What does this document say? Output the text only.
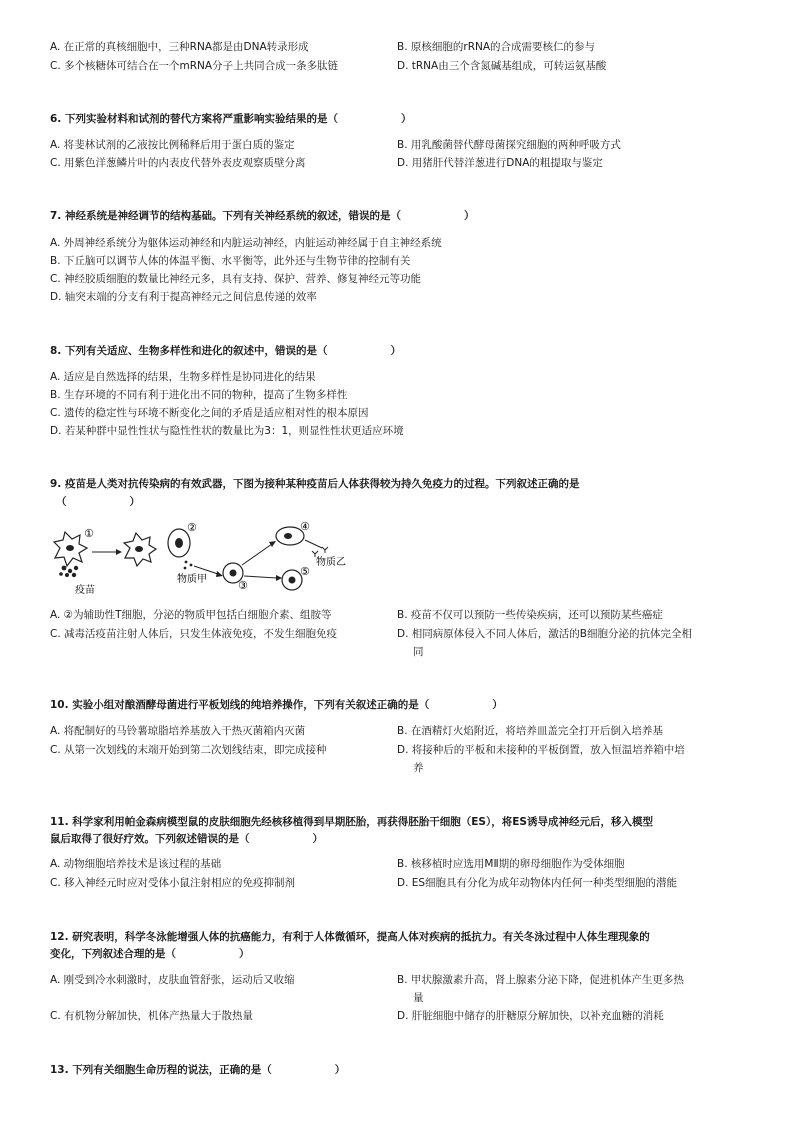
A. 在正常的真核细胞中，三种RNA都是由DNA转录形成	B. 原核细胞的rRNA的合成需要核仁的参与
C. 多个核糖体可结合在一个mRNA分子上共同合成一条多肽链	D. tRNA由三个含氮碱基组成，可转运氨基酸
6. 下列实验材料和试剂的替代方案将严重影响实验结果的是（　　　　　　）
A. 将斐林试剂的乙液按比例稀释后用于蛋白质的鉴定	B. 用乳酸菌替代酵母菌探究细胞的两种呼吸方式
C. 用紫色洋葱鳞片叶的内表皮代替外表皮观察质壁分离	D. 用猪肝代替洋葱进行DNA的粗提取与鉴定
7. 神经系统是神经调节的结构基础。下列有关神经系统的叙述，错误的是（　　　　　　）
A. 外周神经系统分为躯体运动神经和内脏运动神经，内脏运动神经属于自主神经系统
B. 下丘脑可以调节人体的体温平衡、水平衡等，此外还与生物节律的控制有关
C. 神经胶质细胞的数量比神经元多，具有支持、保护、营养、修复神经元等功能
D. 轴突末端的分支有利于提高神经元之间信息传递的效率
8. 下列有关适应、生物多样性和进化的叙述中，错误的是（　　　　　　）
A. 适应是自然选择的结果，生物多样性是协同进化的结果
B. 生存环境的不同有利于进化出不同的物种，提高了生物多样性
C. 遗传的稳定性与环境不断变化之间的矛盾是适应相对性的根本原因
D. 若某种群中显性性状与隐性性状的数量比为3：1，则显性性状更适应环境
9. 疫苗是人类对抗传染病的有效武器，下图为接种某种疫苗后人体获得较为持久免疫力的过程。下列叙述正确的是
（　　　　　　）
①
疫苗
②
物质甲	③
④
物质乙
⑤
A. ②为辅助性T细胞，分泌的物质甲包括白细胞介素、组胺等	B. 疫苗不仅可以预防一些传染疾病，还可以预防某些癌症
C. 减毒活疫苗注射人体后，只发生体液免疫，不发生细胞免疫	D. 相同病原体侵入不同人体后，激活的B细胞分泌的抗体完全相
同
10. 实验小组对酿酒酵母菌进行平板划线的纯培养操作，下列有关叙述正确的是（　　　　　　）
A. 将配制好的马铃薯琼脂培养基放入干热灭菌箱内灭菌	B. 在酒精灯火焰附近，将培养皿盖完全打开后倒入培养基
C. 从第一次划线的末端开始到第二次划线结束，即完成接种	D. 将接种后的平板和未接种的平板倒置，放入恒温培养箱中培
养
11. 科学家利用帕金森病模型鼠的皮肤细胞先经核移植得到早期胚胎，再获得胚胎干细胞（ES），将ES诱导成神经元后，移入模型
鼠后取得了很好疗效。下列叙述错误的是（　　　　　　）
A. 动物细胞培养技术是该过程的基础	B. 核移植时应选用MⅡ期的卵母细胞作为受体细胞
C. 移入神经元时应对受体小鼠注射相应的免疫抑制剂	D. ES细胞具有分化为成年动物体内任何一种类型细胞的潜能
12. 研究表明，科学冬泳能增强人体的抗癌能力，有利于人体微循环，提高人体对疾病的抵抗力。有关冬泳过程中人体生理现象的
变化，下列叙述合理的是（　　　　　　）
A. 刚受到冷水刺激时，皮肤血管舒张，运动后又收缩	B. 甲状腺激素升高，肾上腺素分泌下降，促进机体产生更多热
量
C. 有机物分解加快，机体产热量大于散热量	D. 肝脏细胞中储存的肝糖原分解加快，以补充血糖的消耗
13. 下列有关细胞生命历程的说法，正确的是（　　　　　　）
